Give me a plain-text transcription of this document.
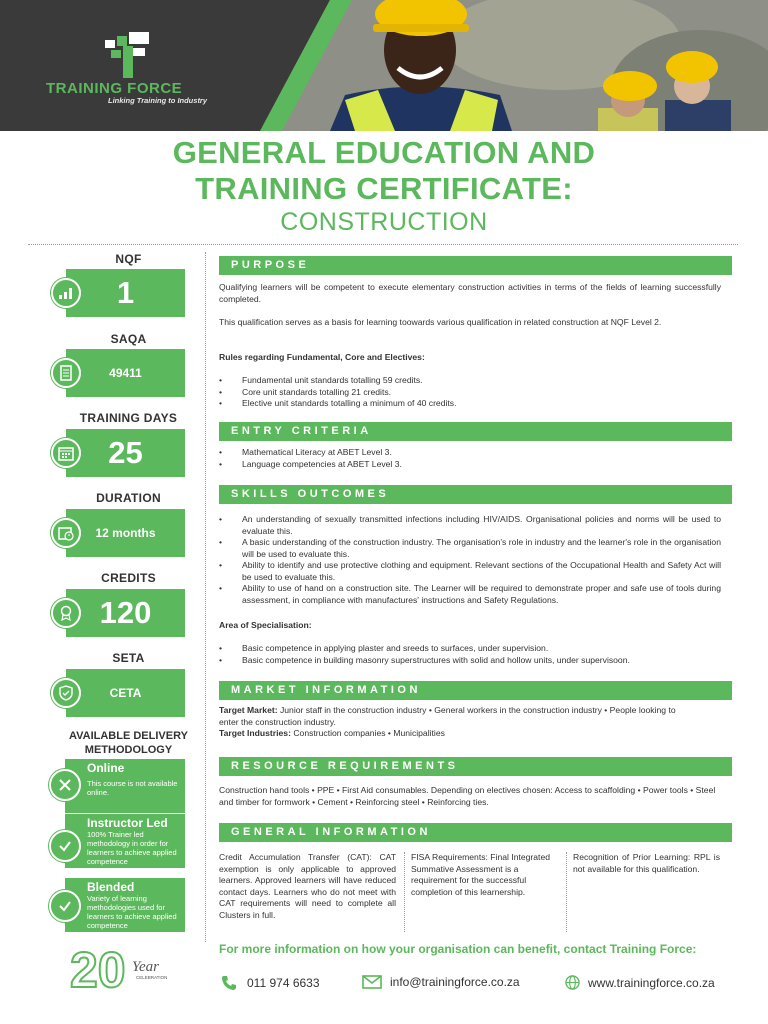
TRAINING FORCE
Linking Training to Industry
GENERAL EDUCATION AND
TRAINING CERTIFICATE:
CONSTRUCTION
NQF
1
SAQA
49411
TRAINING DAYS
25
DURATION
12 months
CREDITS
120
SETA
CETA
AVAILABLE DELIVERY
METHODOLOGY
Online
This course is not available online.
Instructor Led
100% Trainer led methodology in order for learners to achieve applied competence
Blended
Variety of learning methodologies used for learners to achieve applied competence
20 Year
CELEBRATION
PURPOSE
Qualifying learners will be competent to execute elementary construction activities in terms of the fields of learning successfully completed.
This qualification serves as a basis for learning toowards various qualification in related construction at NQF Level 2.
Rules regarding Fundamental, Core and Electives:
• Fundamental unit standards totalling 59 credits.
• Core unit standards totalling 21 credits.
• Elective unit standards totalling a minimum of 40 credits.
ENTRY CRITERIA
• Mathematical Literacy at ABET Level 3.
• Language competencies at ABET Level 3.
SKILLS OUTCOMES
• An understanding of sexually transmitted infections including HIV/AIDS. Organisational policies and norms will be used to evaluate this.
• A basic understanding of the construction industry. The organisation's role in industry and the learner's role in the organisation will be used to evaluate this.
• Ability to identify and use protective clothing and equipment. Relevant sections of the Occupational Health and Safety Act will be used to evaluate this.
• Ability to use of hand on a construction site. The Learner will be required to demonstrate proper and safe use of tools during assessment, in compliance with manufactures' instructions and Safety Regulations.
Area of Specialisation:
• Basic competence in applying plaster and sreeds to surfaces, under supervision.
• Basic competence in building masonry superstructures with solid and hollow units, under supervisoon.
MARKET INFORMATION
Target Market: Junior staff in the construction industry • General workers in the construction industry • People looking to enter the construction industry.
Target Industries: Construction companies • Municipalities
RESOURCE REQUIREMENTS
Construction hand tools • PPE • First Aid consumables. Depending on electives chosen: Access to scaffolding • Power tools • Steel and timber for formwork • Cement • Reinforcing steel • Reinforcing ties.
GENERAL INFORMATION
Credit Accumulation Transfer (CAT): CAT exemption is only applicable to approved learners. Approved learners will have reduced contact days. Learners who do not meet with CAT requirements will need to complete all Clusters in full.
FISA Requirements: Final Integrated Summative Assessment is a requirement for the successful completion of this learnership.
Recognition of Prior Learning: RPL is not available for this qualification.
For more information on how your organisation can benefit, contact Training Force:
011 974 6633	info@trainingforce.co.za	www.trainingforce.co.za
